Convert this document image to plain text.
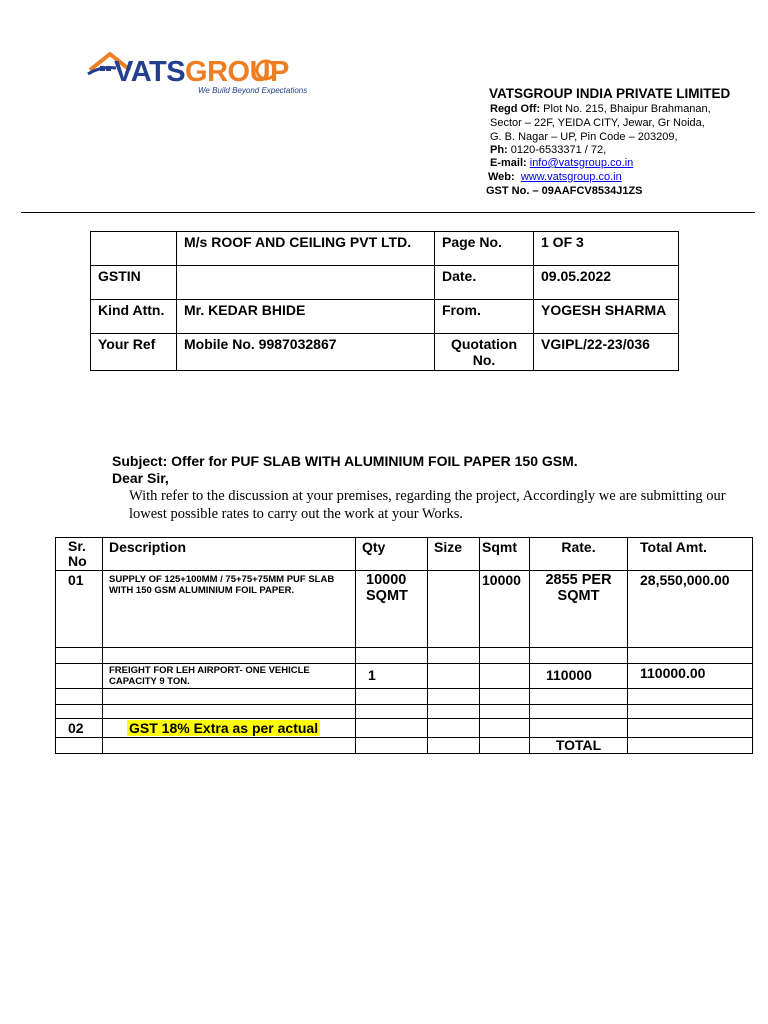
VATSGROUP
We Build Beyond Expectations	VATSGROUP INDIA PRIVATE LIMITED
Regd Off: Plot No. 215, Bhaipur Brahmanan,
Sector – 22F, YEIDA CITY, Jewar, Gr Noida,
G. B. Nagar – UP, Pin Code – 203209,
Ph: 0120-6533371 / 72,
E-mail: info@vatsgroup.co.in
Web: www.vatsgroup.co.in
GST No. – 09AAFCV8534J1ZS
	M/s ROOF AND CEILING PVT LTD.	Page No.	1 OF 3
GSTIN		Date.	09.05.2022
Kind Attn.	Mr. KEDAR BHIDE	From.	YOGESH SHARMA
Your Ref	Mobile No. 9987032867	Quotation No.	VGIPL/22-23/036
Subject: Offer for PUF SLAB WITH ALUMINIUM FOIL PAPER 150 GSM.
Dear Sir,
With refer to the discussion at your premises, regarding the project, Accordingly we are submitting our lowest possible rates to carry out the work at your Works.
Sr. No	Description	Qty	Size	Sqmt	Rate.	Total Amt.
01	SUPPLY OF 125+100MM / 75+75+75MM PUF SLAB WITH 150 GSM ALUMINIUM FOIL PAPER.	10000 SQMT		10000	2855 PER SQMT	28,550,000.00

	FREIGHT FOR LEH AIRPORT- ONE VEHICLE CAPACITY 9 TON.	1			110000	110000.00

02	GST 18% Extra as per actual					
					TOTAL	
